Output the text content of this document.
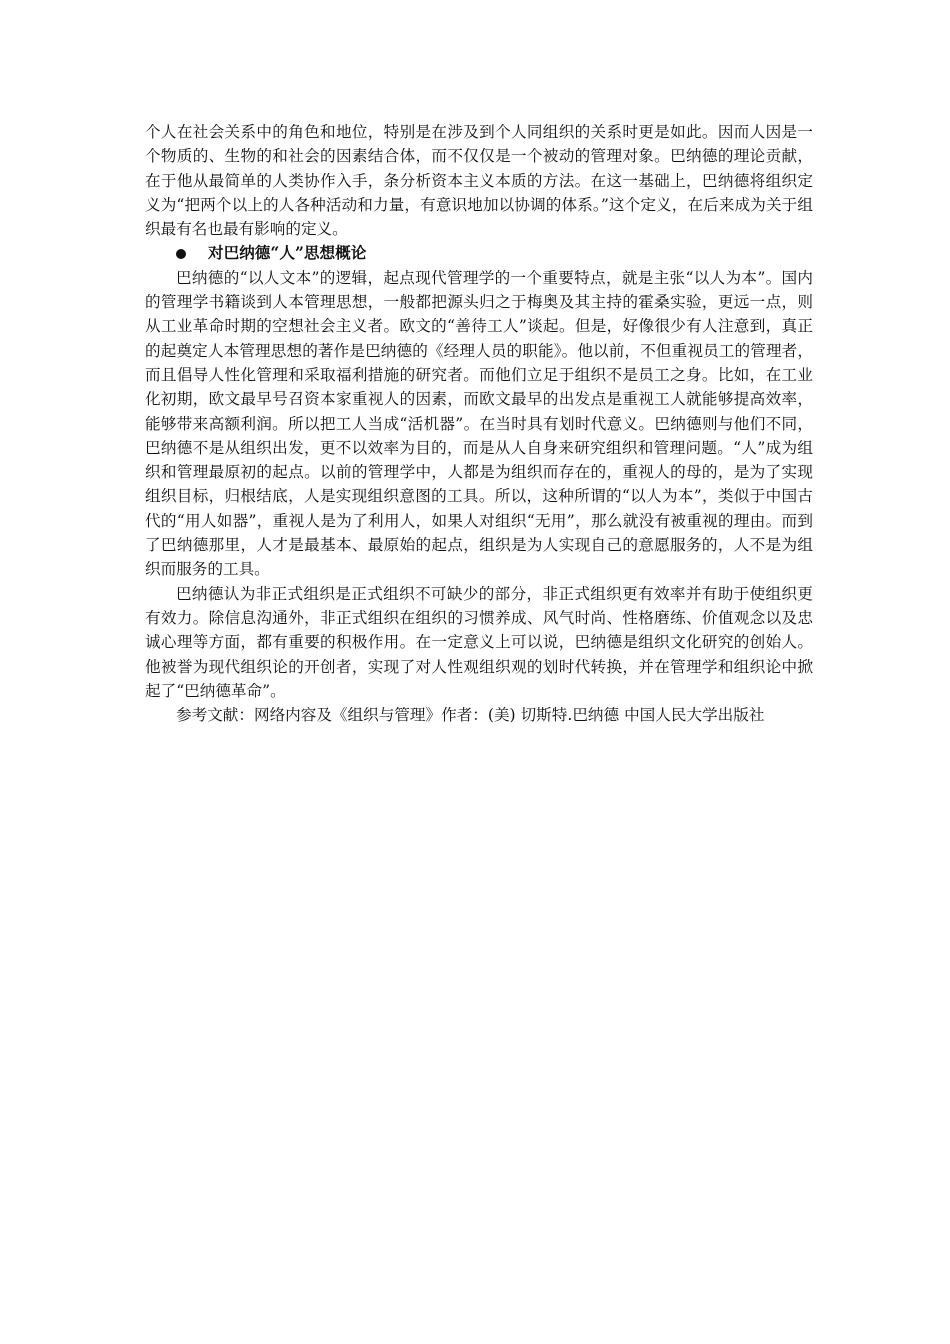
个人在社会关系中的角色和地位，特别是在涉及到个人同组织的关系时更是如此。因而人因是一个物质的、生物的和社会的因素结合体，而不仅仅是一个被动的管理对象。巴纳德的理论贡献，在于他从最简单的人类协作入手，条分析资本主义本质的方法。在这一基础上，巴纳德将组织定义为“把两个以上的人各种活动和力量，有意识地加以协调的体系。”这个定义，在后来成为关于组织最有名也最有影响的定义。

对巴纳德“人”思想概论

巴纳德的“以人文本”的逻辑，起点现代管理学的一个重要特点，就是主张“以人为本”。国内的管理学书籍谈到人本管理思想，一般都把源头归之于梅奥及其主持的霍桑实验，更远一点，则从工业革命时期的空想社会主义者。欧文的“善待工人”谈起。但是，好像很少有人注意到，真正的起奠定人本管理思想的著作是巴纳德的《经理人员的职能》。他以前，不但重视员工的管理者，而且倡导人性化管理和采取福利措施的研究者。而他们立足于组织不是员工之身。比如，在工业化初期，欧文最早号召资本家重视人的因素，而欧文最早的出发点是重视工人就能够提高效率，能够带来高额利润。所以把工人当成“活机器”。在当时具有划时代意义。巴纳德则与他们不同，巴纳德不是从组织出发，更不以效率为目的，而是从人自身来研究组织和管理问题。“人”成为组织和管理最原初的起点。以前的管理学中，人都是为组织而存在的，重视人的母的，是为了实现组织目标，归根结底，人是实现组织意图的工具。所以，这种所谓的“以人为本”，类似于中国古代的“用人如器”，重视人是为了利用人，如果人对组织“无用”，那么就没有被重视的理由。而到了巴纳德那里，人才是最基本、最原始的起点，组织是为人实现自己的意愿服务的，人不是为组织而服务的工具。

巴纳德认为非正式组织是正式组织不可缺少的部分，非正式组织更有效率并有助于使组织更有效力。除信息沟通外，非正式组织在组织的习惯养成、风气时尚、性格磨练、价值观念以及忠诚心理等方面，都有重要的积极作用。在一定意义上可以说，巴纳德是组织文化研究的创始人。他被誉为现代组织论的开创者，实现了对人性观组织观的划时代转换，并在管理学和组织论中掀起了“巴纳德革命”。

参考文献：网络内容及《组织与管理》作者：(美) 切斯特.巴纳德 中国人民大学出版社
